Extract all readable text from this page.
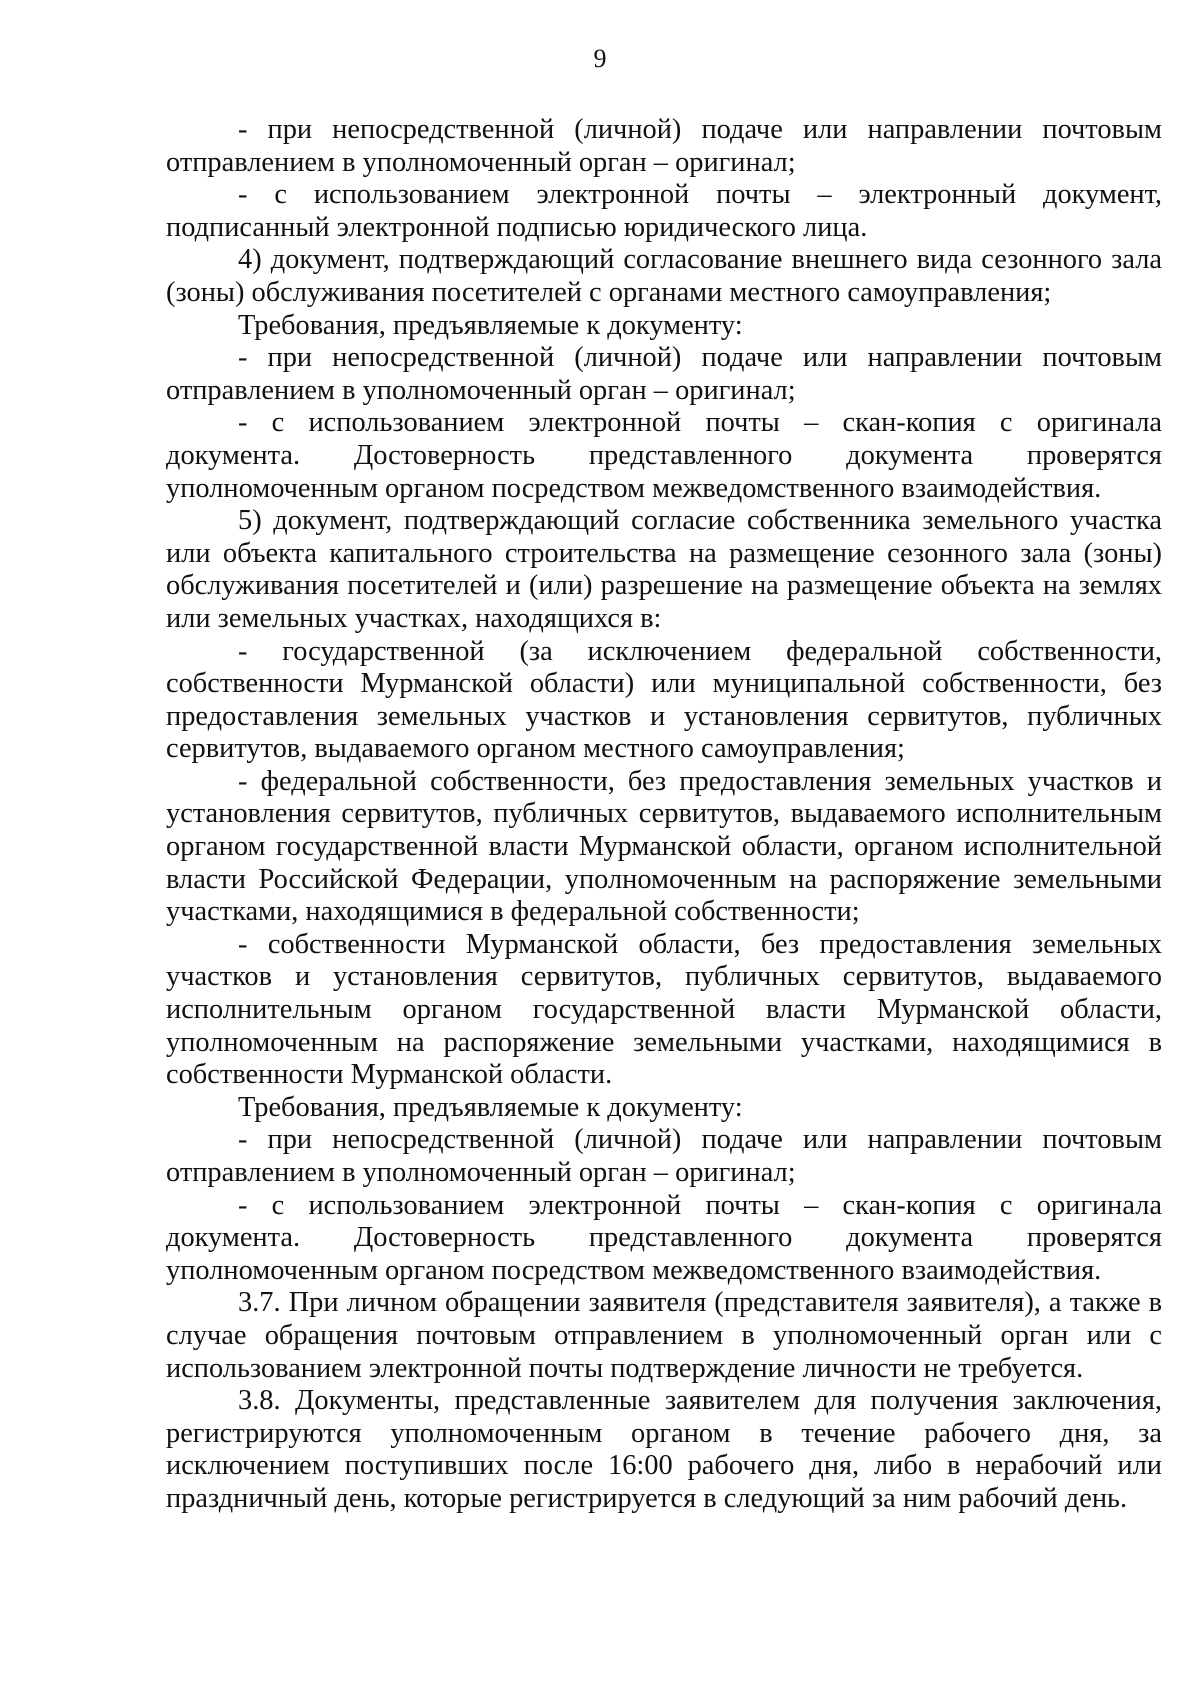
9

- при непосредственной (личной) подаче или направлении почтовым отправлением в уполномоченный орган – оригинал;

- с использованием электронной почты – электронный документ, подписанный электронной подписью юридического лица.

4) документ, подтверждающий согласование внешнего вида сезонного зала (зоны) обслуживания посетителей с органами местного самоуправления;

Требования, предъявляемые к документу:

- при непосредственной (личной) подаче или направлении почтовым отправлением в уполномоченный орган – оригинал;

- с использованием электронной почты – скан-копия с оригинала документа. Достоверность представленного документа проверятся уполномоченным органом посредством межведомственного взаимодействия.

5) документ, подтверждающий согласие собственника земельного участка или объекта капитального строительства на размещение сезонного зала (зоны) обслуживания посетителей и (или) разрешение на размещение объекта на землях или земельных участках, находящихся в:

- государственной (за исключением федеральной собственности, собственности Мурманской области) или муниципальной собственности, без предоставления земельных участков и установления сервитутов, публичных сервитутов, выдаваемого органом местного самоуправления;

- федеральной собственности, без предоставления земельных участков и установления сервитутов, публичных сервитутов, выдаваемого исполнительным органом государственной власти Мурманской области, органом исполнительной власти Российской Федерации, уполномоченным на распоряжение земельными участками, находящимися в федеральной собственности;

- собственности Мурманской области, без предоставления земельных участков и установления сервитутов, публичных сервитутов, выдаваемого исполнительным органом государственной власти Мурманской области, уполномоченным на распоряжение земельными участками, находящимися в собственности Мурманской области.

Требования, предъявляемые к документу:

- при непосредственной (личной) подаче или направлении почтовым отправлением в уполномоченный орган – оригинал;

- с использованием электронной почты – скан-копия с оригинала документа. Достоверность представленного документа проверятся уполномоченным органом посредством межведомственного взаимодействия.

3.7. При личном обращении заявителя (представителя заявителя), а также в случае обращения почтовым отправлением в уполномоченный орган или с использованием электронной почты подтверждение личности не требуется.

3.8. Документы, представленные заявителем для получения заключения, регистрируются уполномоченным органом в течение рабочего дня, за исключением поступивших после 16:00 рабочего дня, либо в нерабочий или праздничный день, которые регистрируется в следующий за ним рабочий день.
